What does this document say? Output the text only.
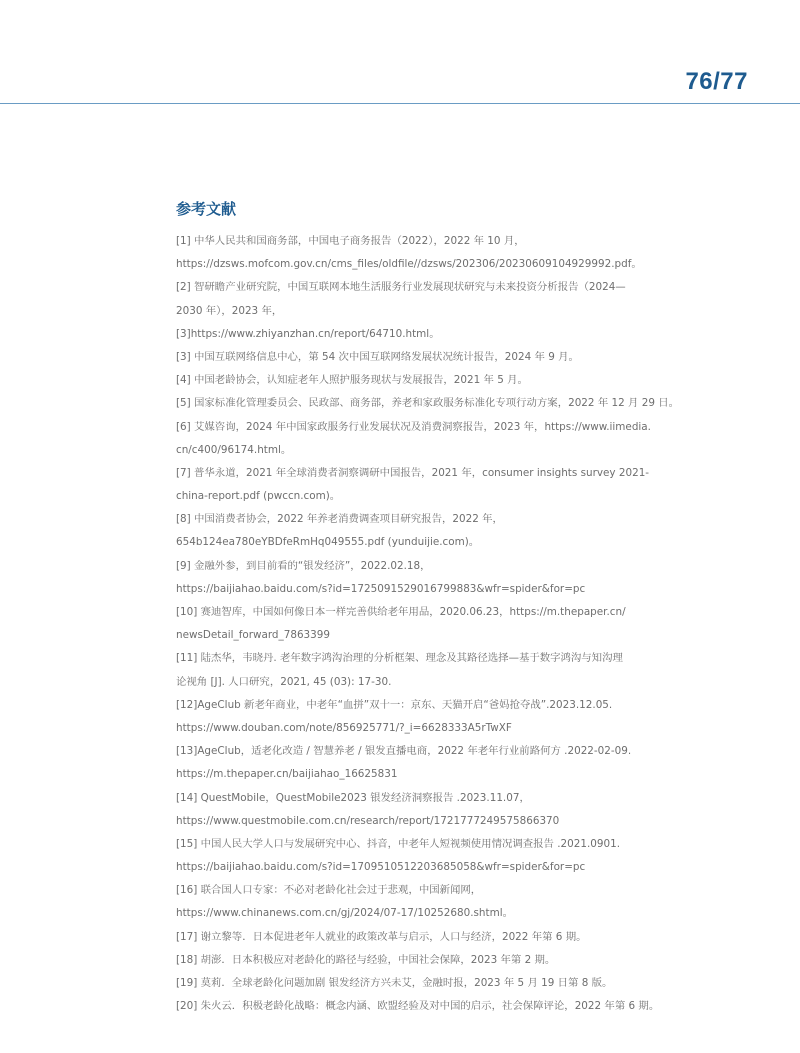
76/77
参考文献
[1] 中华人民共和国商务部，中国电子商务报告（2022），2022 年 10 月，
https://dzsws.mofcom.gov.cn/cms_files/oldfile//dzsws/202306/20230609104929992.pdf。
[2] 智研瞻产业研究院，中国互联网本地生活服务行业发展现状研究与未来投资分析报告（2024—
2030 年），2023 年，
[3]https://www.zhiyanzhan.cn/report/64710.html。
[3] 中国互联网络信息中心，第 54 次中国互联网络发展状况统计报告，2024 年 9 月。
[4] 中国老龄协会，认知症老年人照护服务现状与发展报告，2021 年 5 月。
[5] 国家标准化管理委员会、民政部、商务部，养老和家政服务标准化专项行动方案，2022 年 12 月 29 日。
[6] 艾媒咨询，2024 年中国家政服务行业发展状况及消费洞察报告，2023 年，https://www.iimedia.
cn/c400/96174.html。
[7] 普华永道，2021 年全球消费者洞察调研中国报告，2021 年，consumer insights survey 2021-
china-report.pdf (pwccn.com)。
[8] 中国消费者协会，2022 年养老消费调查项目研究报告，2022 年，
654b124ea780eYBDfeRmHq049555.pdf (yunduijie.com)。
[9] 金融外参，到目前看的“银发经济”，2022.02.18，
https://baijiahao.baidu.com/s?id=1725091529016799883&wfr=spider&for=pc
[10] 赛迪智库，中国如何像日本一样完善供给老年用品，2020.06.23，https://m.thepaper.cn/
newsDetail_forward_7863399
[11] 陆杰华，韦晓丹. 老年数字鸿沟治理的分析框架、理念及其路径选择—基于数字鸿沟与知沟理
论视角 [J]. 人口研究，2021, 45 (03): 17-30.
[12]AgeClub 新老年商业，中老年“血拼”双十一：京东、天猫开启“爸妈抢夺战”.2023.12.05.
https://www.douban.com/note/856925771/?_i=6628333A5rTwXF
[13]AgeClub，适老化改造 / 智慧养老 / 银发直播电商，2022 年老年行业前路何方 .2022-02-09.
https://m.thepaper.cn/baijiahao_16625831
[14] QuestMobile，QuestMobile2023 银发经济洞察报告 .2023.11.07，
https://www.questmobile.com.cn/research/report/1721777249575866370
[15] 中国人民大学人口与发展研究中心、抖音，中老年人短视频使用情况调查报告 .2021.0901.
https://baijiahao.baidu.com/s?id=1709510512203685058&wfr=spider&for=pc
[16] 联合国人口专家：不必对老龄化社会过于悲观，中国新闻网，
https://www.chinanews.com.cn/gj/2024/07-17/10252680.shtml。
[17] 谢立黎等．日本促进老年人就业的政策改革与启示，人口与经济，2022 年第 6 期。
[18] 胡澎．日本积极应对老龄化的路径与经验，中国社会保障，2023 年第 2 期。
[19] 莫莉．全球老龄化问题加剧 银发经济方兴未艾，金融时报，2023 年 5 月 19 日第 8 版。
[20] 朱火云．积极老龄化战略：概念内涵、欧盟经验及对中国的启示，社会保障评论，2022 年第 6 期。
